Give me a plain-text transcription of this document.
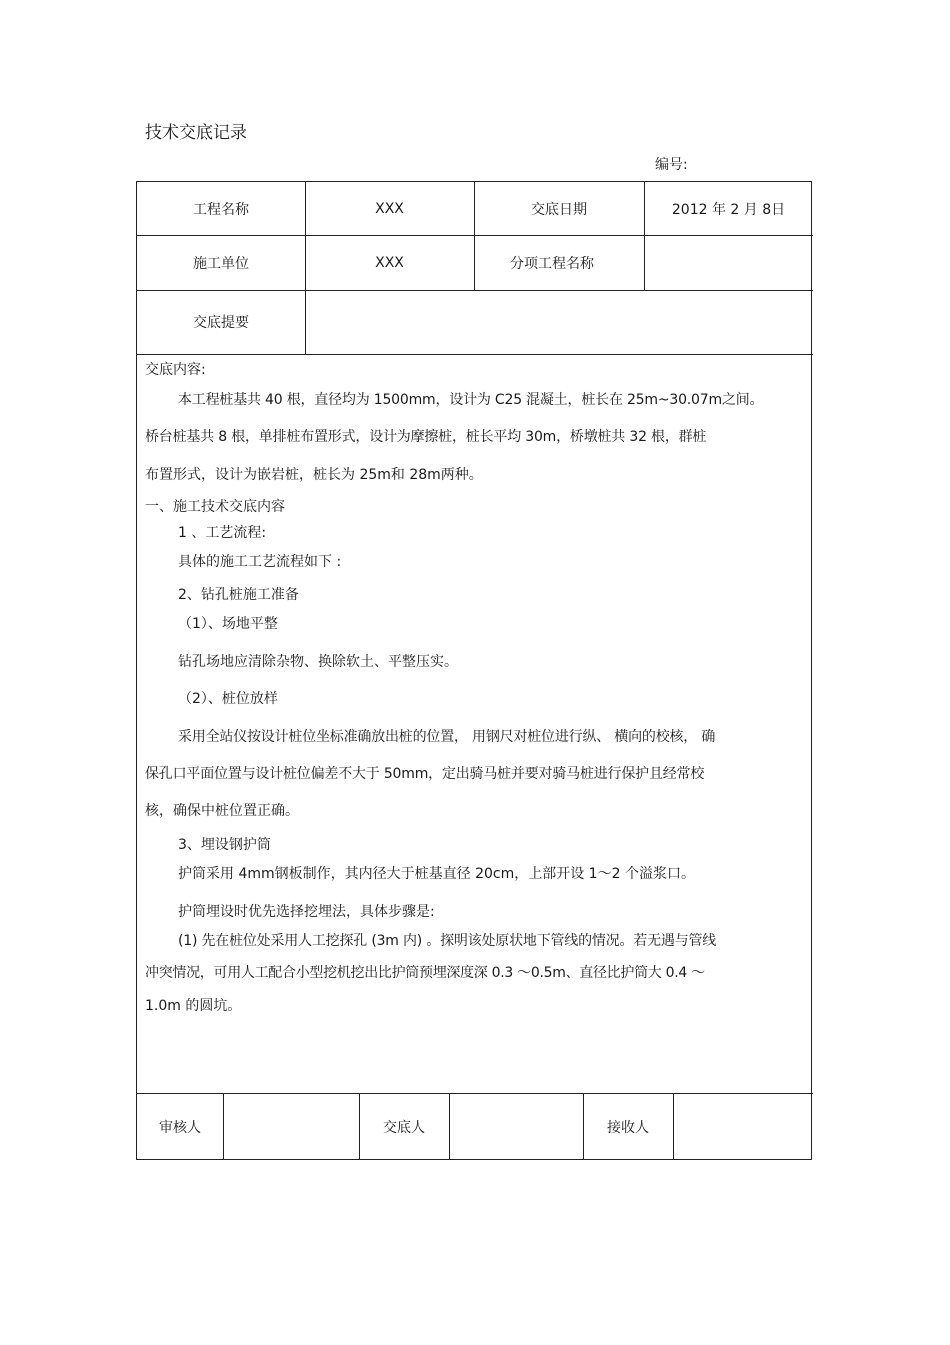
技术交底记录
编号:
工程名称	XXX	交底日期	2012 年 2 月 8日
施工单位	XXX	分项工程名称
交底提要
交底内容:
本工程桩基共 40 根，直径均为 1500mm，设计为 C25 混凝土，桩长在 25m~30.07m之间。
桥台桩基共 8 根，单排桩布置形式，设计为摩擦桩，桩长平均 30m，桥墩桩共 32 根，群桩
布置形式，设计为嵌岩桩，桩长为 25m和 28m两种。
一、施工技术交底内容
1 、工艺流程:
具体的施工工艺流程如下 :
2、钻孔桩施工准备
（1）、场地平整
钻孔场地应清除杂物、换除软土、平整压实。
（2）、桩位放样
采用全站仪按设计桩位坐标准确放出桩的位置， 用钢尺对桩位进行纵、 横向的校核， 确
保孔口平面位置与设计桩位偏差不大于 50mm，定出骑马桩并要对骑马桩进行保护且经常校
核，确保中桩位置正确。
3、埋设钢护筒
护筒采用 4mm钢板制作，其内径大于桩基直径 20cm，上部开设 1～2 个溢浆口。
护筒埋设时优先选择挖埋法，具体步骤是:
(1) 先在桩位处采用人工挖探孔 (3m 内) 。探明该处原状地下管线的情况。若无遇与管线
冲突情况，可用人工配合小型挖机挖出比护筒预埋深度深 0.3 ～0.5m、直径比护筒大 0.4 ～
1.0m 的圆坑。
审核人	交底人	接收人
